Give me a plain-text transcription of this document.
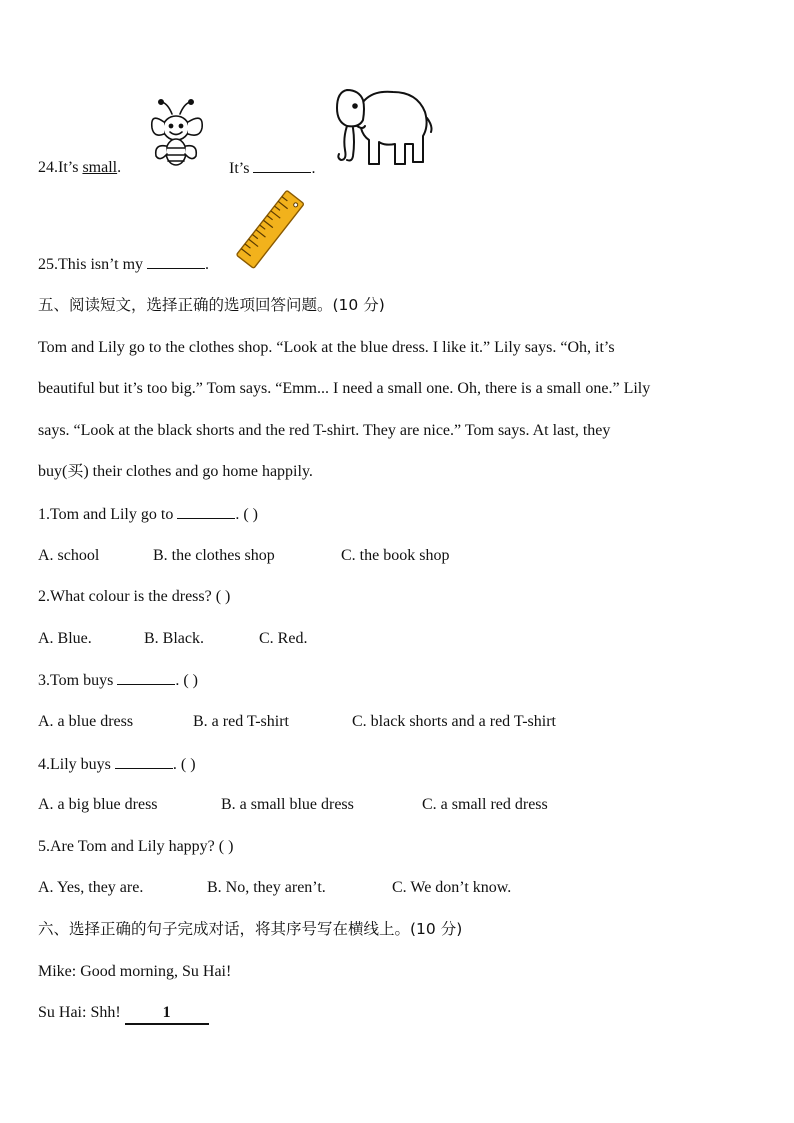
24.It’s small.	It’s	.
25.This isn’t my	.
五、阅读短文，选择正确的选项回答问题。(10 分)
Tom and Lily go to the clothes shop. “Look at the blue dress. I like it.” Lily says. “Oh, it’s
beautiful but it’s too big.” Tom says. “Emm... I need a small one. Oh, there is a small one.” Lily
says. “Look at the black shorts and the red T-shirt. They are nice.” Tom says. At last, they
buy(买) their clothes and go home happily.
1.Tom and Lily go to	. ( )
A. school	B. the clothes shop	C. the book shop
2.What colour is the dress? ( )
A. Blue.	B. Black.	C. Red.
3.Tom buys	. ( )
A. a blue dress	B. a red T-shirt	C. black shorts and a red T-shirt
4.Lily buys	. ( )
A. a big blue dress	B. a small blue dress	C. a small red dress
5.Are Tom and Lily happy? ( )
A. Yes, they are.	B. No, they aren’t.	C. We don’t know.
六、选择正确的句子完成对话，将其序号写在横线上。(10 分)
Mike: Good morning, Su Hai!
Su Hai: Shh! 1
